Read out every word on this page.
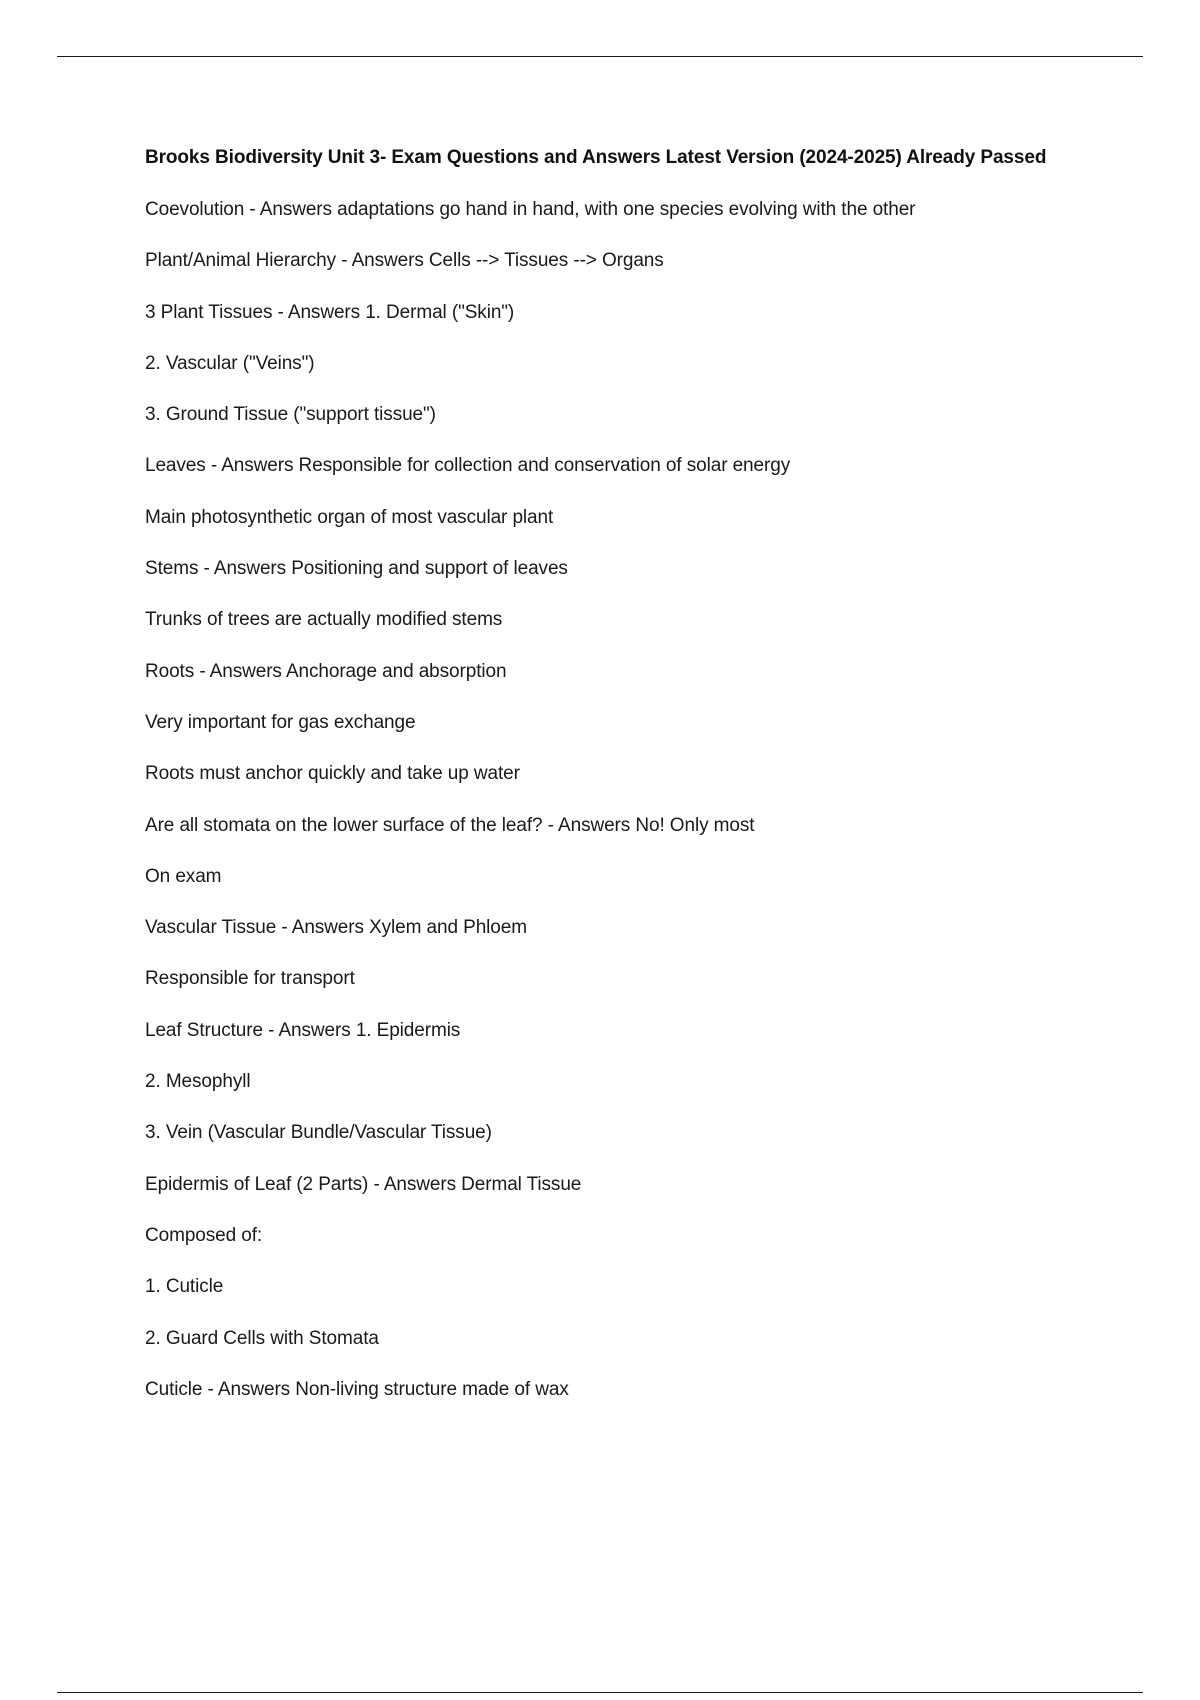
Brooks Biodiversity Unit 3- Exam Questions and Answers Latest Version (2024-2025) Already Passed
Coevolution - Answers adaptations go hand in hand, with one species evolving with the other
Plant/Animal Hierarchy - Answers Cells --> Tissues --> Organs
3 Plant Tissues - Answers 1. Dermal ("Skin")
2. Vascular ("Veins")
3. Ground Tissue ("support tissue")
Leaves - Answers Responsible for collection and conservation of solar energy
Main photosynthetic organ of most vascular plant
Stems - Answers Positioning and support of leaves
Trunks of trees are actually modified stems
Roots - Answers Anchorage and absorption
Very important for gas exchange
Roots must anchor quickly and take up water
Are all stomata on the lower surface of the leaf? - Answers No! Only most
On exam
Vascular Tissue - Answers Xylem and Phloem
Responsible for transport
Leaf Structure - Answers 1. Epidermis
2. Mesophyll
3. Vein (Vascular Bundle/Vascular Tissue)
Epidermis of Leaf (2 Parts) - Answers Dermal Tissue
Composed of:
1. Cuticle
2. Guard Cells with Stomata
Cuticle - Answers Non-living structure made of wax
